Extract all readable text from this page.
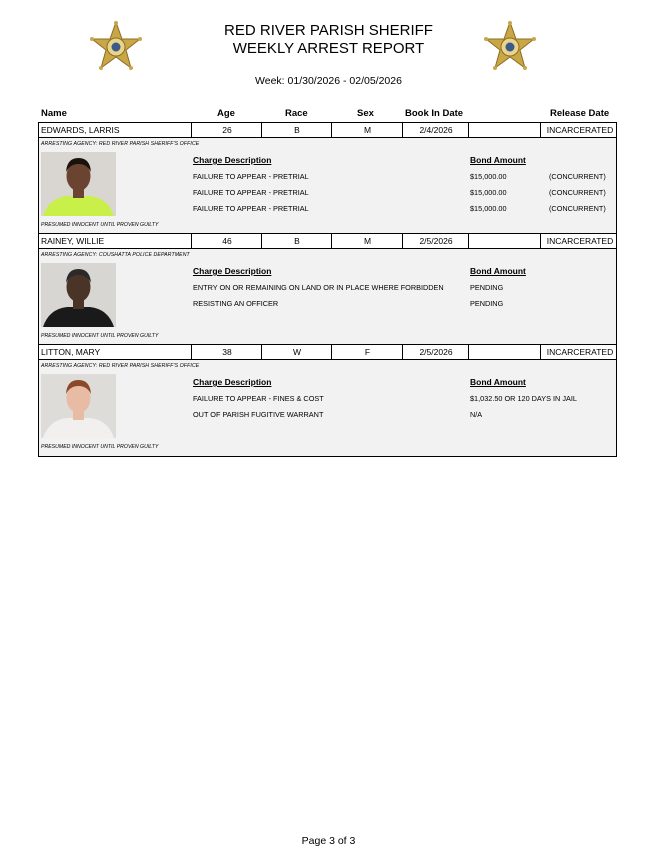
RED RIVER PARISH SHERIFF
WEEKLY ARREST REPORT
Week: 01/30/2026 - 02/05/2026
Name	Age	Race	Sex	Book In Date	Release Date
EDWARDS, LARRIS	26	B	M	2/4/2026	INCARCERATED
ARRESTING AGENCY: RED RIVER PARISH SHERIFF'S OFFICE
Charge Description	Bond Amount
FAILURE TO APPEAR - PRETRIAL	$15,000.00	(CONCURRENT)
FAILURE TO APPEAR - PRETRIAL	$15,000.00	(CONCURRENT)
FAILURE TO APPEAR - PRETRIAL	$15,000.00	(CONCURRENT)
PRESUMED INNOCENT UNTIL PROVEN GUILTY
RAINEY, WILLIE	46	B	M	2/5/2026	INCARCERATED
ARRESTING AGENCY: COUSHATTA POLICE DEPARTMENT
Charge Description	Bond Amount
ENTRY ON OR REMAINING ON LAND OR IN PLACE WHERE FORBIDDEN	PENDING
RESISTING AN OFFICER	PENDING
PRESUMED INNOCENT UNTIL PROVEN GUILTY
LITTON, MARY	38	W	F	2/5/2026	INCARCERATED
ARRESTING AGENCY: RED RIVER PARISH SHERIFF'S OFFICE
Charge Description	Bond Amount
FAILURE TO APPEAR - FINES & COST	$1,032.50 OR 120 DAYS IN JAIL
OUT OF PARISH FUGITIVE WARRANT	N/A
PRESUMED INNOCENT UNTIL PROVEN GUILTY
Page 3 of 3
